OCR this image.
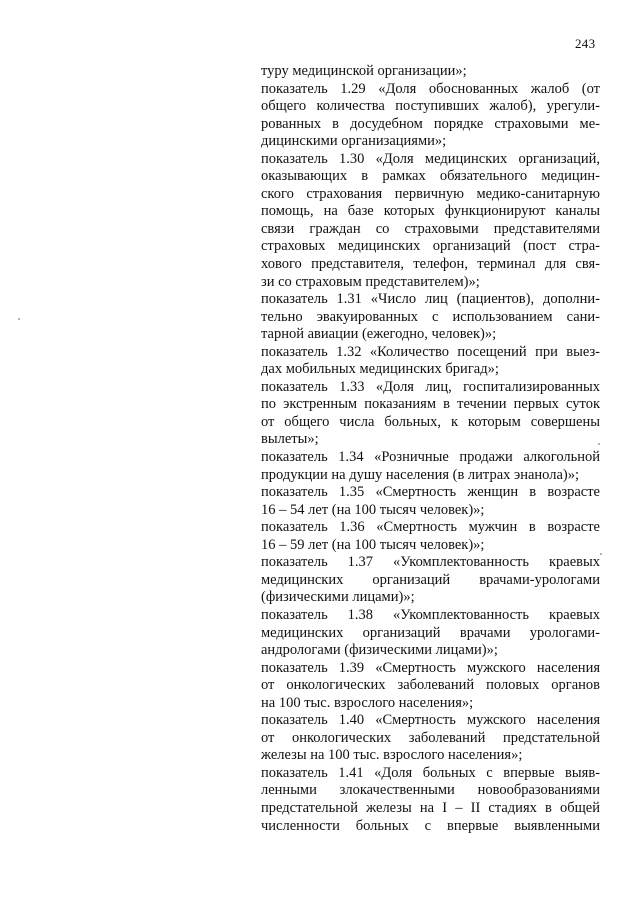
243
туру медицинской организации»;
показатель 1.29 «Доля обоснованных жалоб (от
общего количества поступивших жалоб), урегули-
рованных в досудебном порядке страховыми ме-
дицинскими организациями»;
показатель 1.30 «Доля медицинских организаций,
оказывающих в рамках обязательного медицин-
ского страхования первичную медико-санитарную
помощь, на базе которых функционируют каналы
связи граждан со страховыми представителями
страховых медицинских организаций (пост стра-
хового представителя, телефон, терминал для свя-
зи со страховым представителем)»;
показатель 1.31 «Число лиц (пациентов), дополни-
тельно эвакуированных с использованием сани-
тарной авиации (ежегодно, человек)»;
показатель 1.32 «Количество посещений при выез-
дах мобильных медицинских бригад»;
показатель 1.33 «Доля лиц, госпитализированных
по экстренным показаниям в течении первых суток
от общего числа больных, к которым совершены
вылеты»;
показатель 1.34 «Розничные продажи алкогольной
продукции на душу населения (в литрах энанола)»;
показатель 1.35 «Смертность женщин в возрасте
16 – 54 лет (на 100 тысяч человек)»;
показатель 1.36 «Смертность мужчин в возрасте
16 – 59 лет (на 100 тысяч человек)»;
показатель 1.37 «Укомплектованность краевых
медицинских организаций врачами-урологами
(физическими лицами)»;
показатель 1.38 «Укомплектованность краевых
медицинских организаций врачами урологами-
андрологами (физическими лицами)»;
показатель 1.39 «Смертность мужского населения
от онкологических заболеваний половых органов
на 100 тыс. взрослого населения»;
показатель 1.40 «Смертность мужского населения
от онкологических заболеваний предстательной
железы на 100 тыс. взрослого населения»;
показатель 1.41 «Доля больных с впервые выяв-
ленными злокачественными новообразованиями
предстательной железы на I – II стадиях в общей
численности больных с впервые выявленными
